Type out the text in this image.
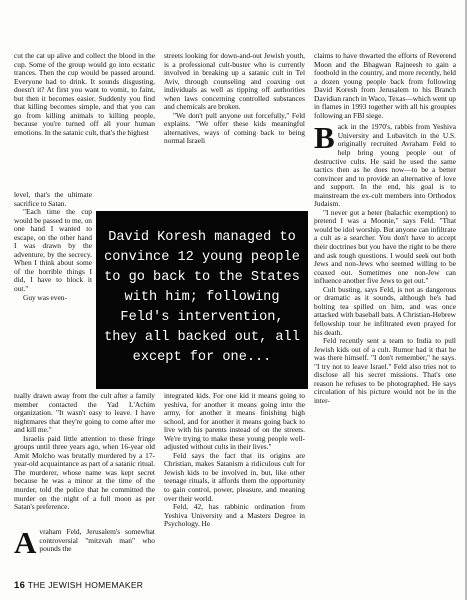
cut the cat up alive and collect the blood in the cup. Some of the group would go into ecstatic trances. Then the cup would be passed around. Everyone had to drink. It sounds disgusting, doesn't it? At first you want to vomit, to faint, but then it becomes easier. Suddenly you find that killing becomes simple, and that you can go from killing animals to killing people, because you're turned off all your human emotions. In the satanic cult, that's the highest

level, that's the ultimate sacrifice to Satan.

"Each time the cup would be passed to me, on one hand I wanted to escape, on the other hand I was drawn by the adventure, by the secrecy. When I think about some of the horrible things I did, I have to block it out."

Guy was even-

tually drawn away from the cult after a family member contacted the Yad L'Achim organization. "It wasn't easy to leave. I have nightmares that they're going to come after me and kill me."

Israelis paid little attention to these fringe groups until three years ago, when 16-year old Amit Molcho was brutally murdered by a 17-year-old acquaintance as part of a satanic ritual. The murderer, whose name was kept secret because he was a minor at the time of the murder, told the police that he committed the murder on the night of a full moon as per Satan's preference.

A vraham Feld, Jerusalem's somewhat controversial "mitzvah man" who pounds the

streets looking for down-and-out Jewish youth, is a professional cult-buster who is currently involved in breaking up a satanic cult in Tel Aviv, through counseling and coaxing out individuals as well as tipping off authorities when laws concerning controlled substances and chemicals are broken.

"We don't pull anyone out forcefully," Feld explains. "We offer these kids meaningful alternatives, ways of coming back to being normal Israeli

integrated kids. For one kid it means going to yeshiva, for another it means going into the army, for another it means finishing high school, and for another it means going back to live with his parents instead of on the streets. We're trying to make these young people well-adjusted without cults in their lives."

Feld says the fact that its origins are Christian, makes Satanism a ridiculous cult for Jewish kids to be involved in, but, like other teenage rituals, it affords them the opportunity to gain control, power, pleasure, and meaning over their world.

Feld, 42, has rabbinic ordination from Yeshiva University and a Masters Degree in Psychology. He

claims to have thwarted the efforts of Reverend Moon and the Bhagwan Rajneesh to gain a foothold in the country, and more recently, held a dozen young people back from following David Koresh from Jerusalem to his Branch Davidian ranch in Waco, Texas—which went up in flames in 1993 together with all his groupies following an FBI siege.

B ack in the 1970's, rabbis from Yeshiva University and Lubavitch in the U.S. originally recruited Avraham Feld to help bring young people out of destructive cults. He said he used the same tactics then as he does now—to be a better convincer and to provide an alternative of love and support. In the end, his goal is to mainstream the ex-cult members into Orthodox Judaism.

"I never got a heter (halachic exemption) to pretend I was a Moonie," says Feld. "That would be idol worship. But anyone can infiltrate a cult as a searcher. You don't have to accept their doctrines but you have the right to be there and ask tough questions. I would seek out both Jews and non-Jews who seemed willing to be coaxed out. Sometimes one non-Jew can influence another five Jews to get out."

Cult busting, says Feld, is not as dangerous or dramatic as it sounds, although he's had bolting tea spilled on him, and was once attacked with baseball bats. A Christian-Hebrew fellowship tour he infiltrated even prayed for his death.

Feld recently sent a team to India to pull Jewish kids out of a cult. Rumor had it that he was there himself. "I don't remember," he says. "I try not to leave Israel." Feld also tries not to disclose all his secret missions. That's one reason he refuses to be photographed. He says circulation of his picture would not be in the inter-

David Koresh managed to convince 12 young people to go back to the States with him; following Feld's intervention, they all backed out, all except for one...
16 THE JEWISH HOMEMAKER
